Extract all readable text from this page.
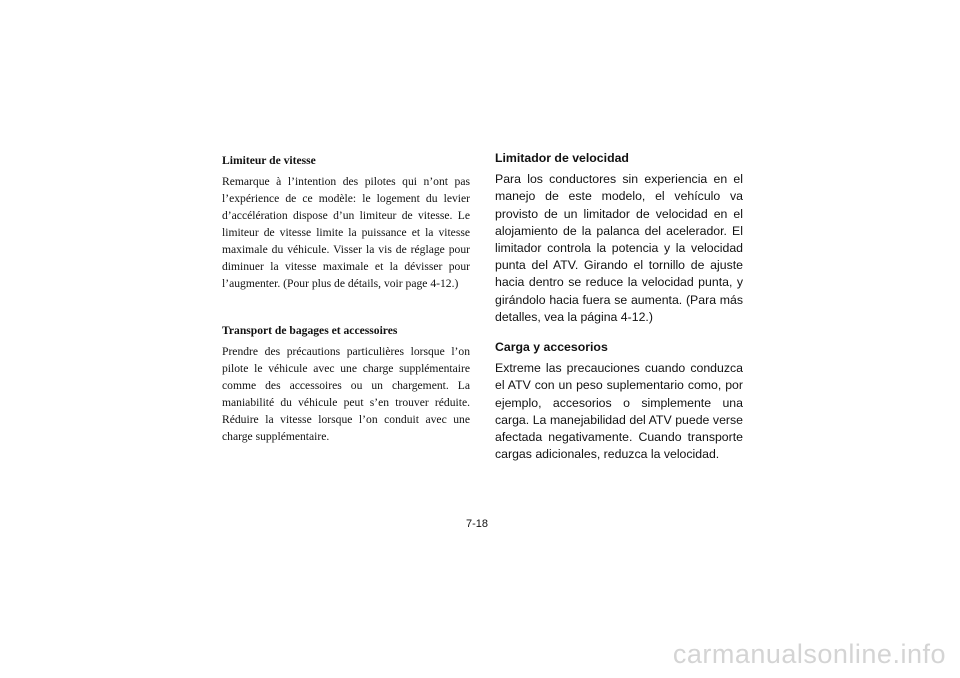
Limiteur de vitesse

Remarque à l’intention des pilotes qui n’ont pas l’expérience de ce modèle: le logement du levier d’accélération dispose d’un limiteur de vitesse. Le limiteur de vitesse limite la puissance et la vitesse maximale du véhicule. Visser la vis de réglage pour diminuer la vitesse maximale et la dévisser pour l’augmenter. (Pour plus de détails, voir page 4-12.)

Transport de bagages et accessoires

Prendre des précautions particulières lorsque l’on pilote le véhicule avec une charge supplémentaire comme des accessoires ou un chargement. La maniabilité du véhicule peut s’en trouver réduite. Réduire la vitesse lorsque l’on conduit avec une charge supplémentaire.

Limitador de velocidad

Para los conductores sin experiencia en el manejo de este modelo, el vehículo va provisto de un limitador de velocidad en el alojamiento de la palanca del acelerador. El limitador controla la potencia y la velocidad punta del ATV. Girando el tornillo de ajuste hacia dentro se reduce la velocidad punta, y girándolo hacia fuera se aumenta. (Para más detalles, vea la página 4-12.)

Carga y accesorios

Extreme las precauciones cuando conduzca el ATV con un peso suplementario como, por ejemplo, accesorios o simplemente una carga. La manejabilidad del ATV puede verse afectada negativamente. Cuando transporte cargas adicionales, reduzca la velocidad.

7-18
carmanualsonline.info
